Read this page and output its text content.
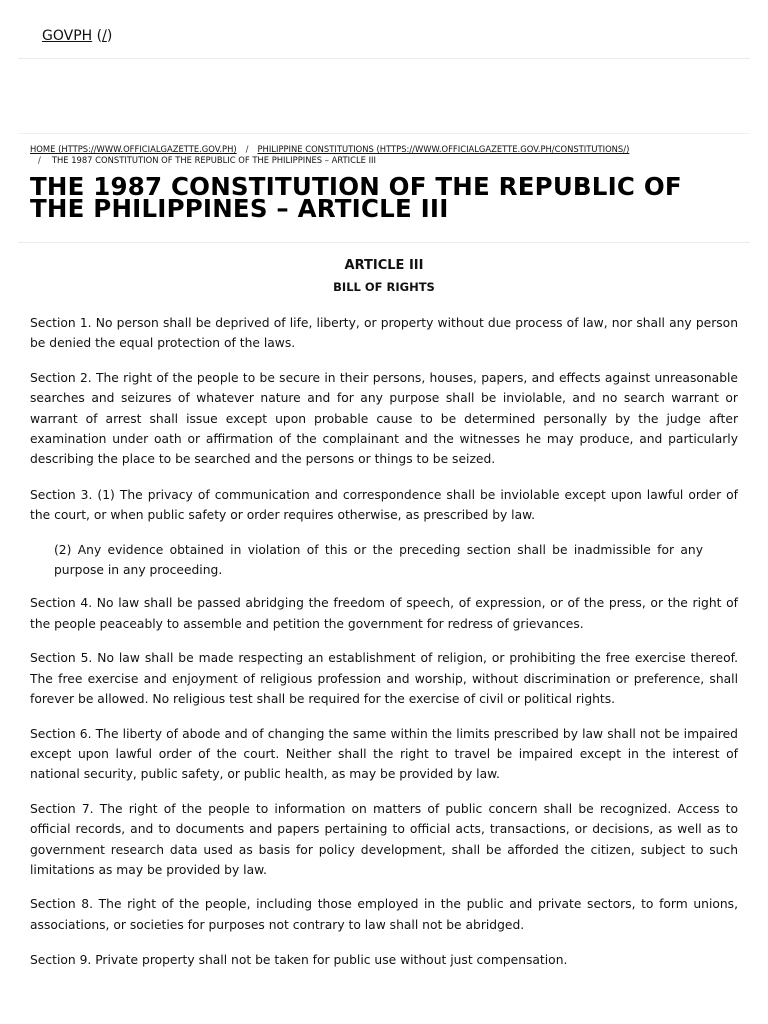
GOVPH (/)
HOME (HTTPS://WWW.OFFICIALGAZETTE.GOV.PH) / PHILIPPINE CONSTITUTIONS (HTTPS://WWW.OFFICIALGAZETTE.GOV.PH/CONSTITUTIONS/)
/ THE 1987 CONSTITUTION OF THE REPUBLIC OF THE PHILIPPINES – ARTICLE III
THE 1987 CONSTITUTION OF THE REPUBLIC OF THE PHILIPPINES – ARTICLE III

ARTICLE III

BILL OF RIGHTS

Section 1. No person shall be deprived of life, liberty, or property without due process of law, nor shall any person be denied the equal protection of the laws.

Section 2. The right of the people to be secure in their persons, houses, papers, and effects against unreasonable searches and seizures of whatever nature and for any purpose shall be inviolable, and no search warrant or warrant of arrest shall issue except upon probable cause to be determined personally by the judge after examination under oath or affirmation of the complainant and the witnesses he may produce, and particularly describing the place to be searched and the persons or things to be seized.

Section 3. (1) The privacy of communication and correspondence shall be inviolable except upon lawful order of the court, or when public safety or order requires otherwise, as prescribed by law.

(2) Any evidence obtained in violation of this or the preceding section shall be inadmissible for any purpose in any proceeding.

Section 4. No law shall be passed abridging the freedom of speech, of expression, or of the press, or the right of the people peaceably to assemble and petition the government for redress of grievances.

Section 5. No law shall be made respecting an establishment of religion, or prohibiting the free exercise thereof. The free exercise and enjoyment of religious profession and worship, without discrimination or preference, shall forever be allowed. No religious test shall be required for the exercise of civil or political rights.

Section 6. The liberty of abode and of changing the same within the limits prescribed by law shall not be impaired except upon lawful order of the court. Neither shall the right to travel be impaired except in the interest of national security, public safety, or public health, as may be provided by law.

Section 7. The right of the people to information on matters of public concern shall be recognized. Access to official records, and to documents and papers pertaining to official acts, transactions, or decisions, as well as to government research data used as basis for policy development, shall be afforded the citizen, subject to such limitations as may be provided by law.

Section 8. The right of the people, including those employed in the public and private sectors, to form unions, associations, or societies for purposes not contrary to law shall not be abridged.

Section 9. Private property shall not be taken for public use without just compensation.
